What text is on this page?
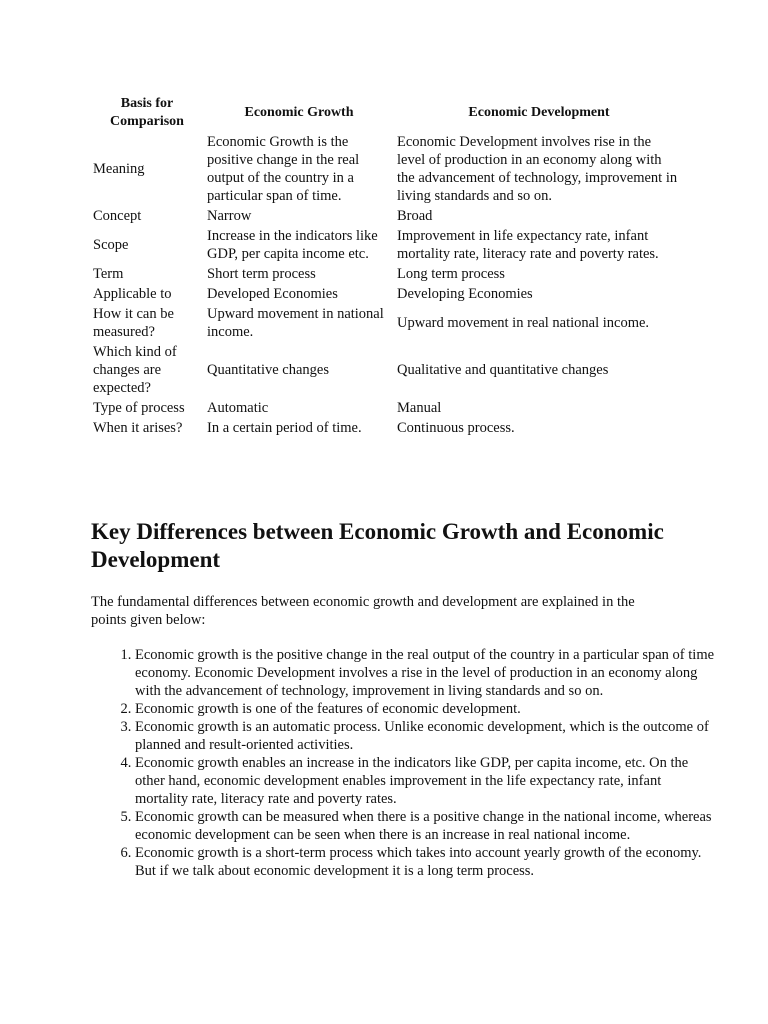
Basis for
Comparison	Economic Growth	Economic Development
Meaning	Economic Growth is the positive change in the real output of the country in a particular span of time.	Economic Development involves rise in the level of production in an economy along with the advancement of technology, improvement in living standards and so on.
Concept	Narrow	Broad
Scope	Increase in the indicators like GDP, per capita income etc.	Improvement in life expectancy rate, infant mortality rate, literacy rate and poverty rates.
Term	Short term process	Long term process
Applicable to	Developed Economies	Developing Economies
How it can be measured?	Upward movement in national income.	Upward movement in real national income.
Which kind of changes are expected?	Quantitative changes	Qualitative and quantitative changes
Type of process	Automatic	Manual
When it arises?	In a certain period of time.	Continuous process.
Key Differences between Economic Growth and Economic Development

The fundamental differences between economic growth and development are explained in the points given below:

1. Economic growth is the positive change in the real output of the country in a particular span of time economy. Economic Development involves a rise in the level of production in an economy along with the advancement of technology, improvement in living standards and so on.
2. Economic growth is one of the features of economic development.
3. Economic growth is an automatic process. Unlike economic development, which is the outcome of planned and result-oriented activities.
4. Economic growth enables an increase in the indicators like GDP, per capita income, etc. On the other hand, economic development enables improvement in the life expectancy rate, infant mortality rate, literacy rate and poverty rates.
5. Economic growth can be measured when there is a positive change in the national income, whereas economic development can be seen when there is an increase in real national income.
6. Economic growth is a short-term process which takes into account yearly growth of the economy. But if we talk about economic development it is a long term process.
